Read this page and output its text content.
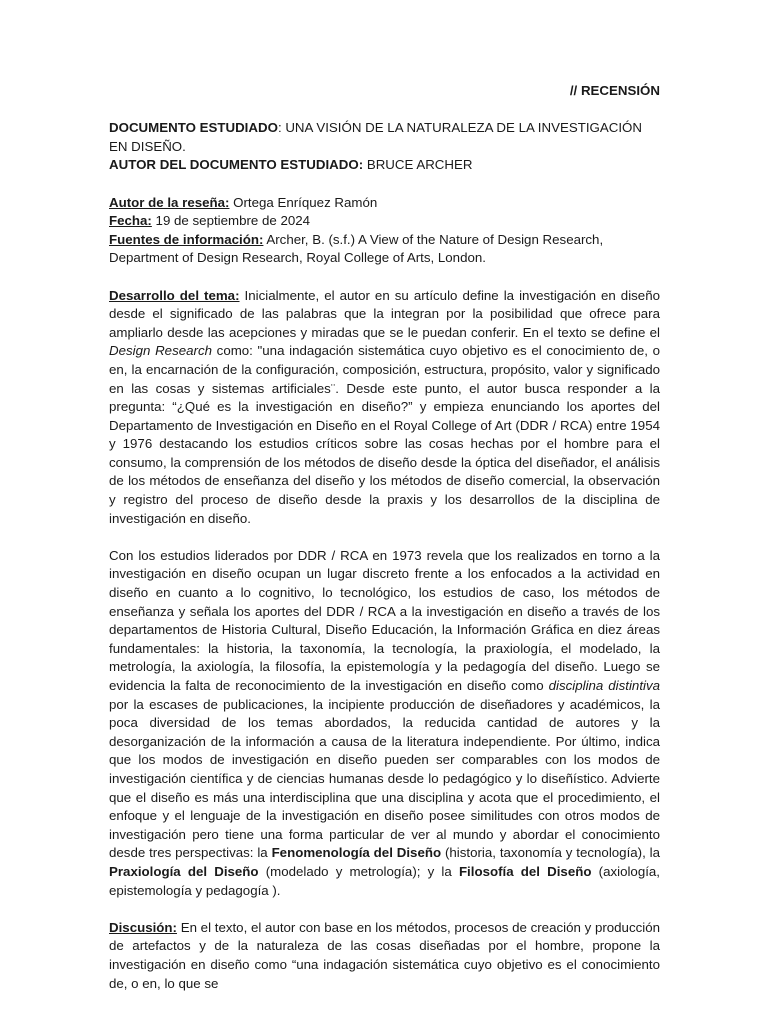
// RECENSIÓN

DOCUMENTO ESTUDIADO: UNA VISIÓN DE LA NATURALEZA DE LA INVESTIGACIÓN EN DISEÑO.

AUTOR DEL DOCUMENTO ESTUDIADO: BRUCE ARCHER

Autor de la reseña: Ortega Enríquez Ramón

Fecha: 19 de septiembre de 2024

Fuentes de información: Archer, B. (s.f.) A View of the Nature of Design Research, Department of Design Research, Royal College of Arts, London.

Desarrollo del tema: Inicialmente, el autor en su artículo define la investigación en diseño desde el significado de las palabras que la integran por la posibilidad que ofrece para ampliarlo desde las acepciones y miradas que se le puedan conferir. En el texto se define el Design Research como: "una indagación sistemática cuyo objetivo es el conocimiento de, o en, la encarnación de la configuración, composición, estructura, propósito, valor y significado en las cosas y sistemas artificiales¨. Desde este punto, el autor busca responder a la pregunta: “¿Qué es la investigación en diseño?” y empieza enunciando los aportes del Departamento de Investigación en Diseño en el Royal College of Art (DDR / RCA) entre 1954 y 1976 destacando los estudios críticos sobre las cosas hechas por el hombre para el consumo, la comprensión de los métodos de diseño desde la óptica del diseñador, el análisis de los métodos de enseñanza del diseño y los métodos de diseño comercial, la observación y registro del proceso de diseño desde la praxis y los desarrollos de la disciplina de investigación en diseño.

Con los estudios liderados por DDR / RCA en 1973 revela que los realizados en torno a la investigación en diseño ocupan un lugar discreto frente a los enfocados a la actividad en diseño en cuanto a lo cognitivo, lo tecnológico, los estudios de caso, los métodos de enseñanza y señala los aportes del DDR / RCA a la investigación en diseño a través de los departamentos de Historia Cultural, Diseño Educación, la Información Gráfica en diez áreas fundamentales: la historia, la taxonomía, la tecnología, la praxiología, el modelado, la metrología, la axiología, la filosofía, la epistemología y la pedagogía del diseño. Luego se evidencia la falta de reconocimiento de la investigación en diseño como disciplina distintiva por la escases de publicaciones, la incipiente producción de diseñadores y académicos, la poca diversidad de los temas abordados, la reducida cantidad de autores y la desorganización de la información a causa de la literatura independiente. Por último, indica que los modos de investigación en diseño pueden ser comparables con los modos de investigación científica y de ciencias humanas desde lo pedagógico y lo diseñístico. Advierte que el diseño es más una interdisciplina que una disciplina y acota que el procedimiento, el enfoque y el lenguaje de la investigación en diseño posee similitudes con otros modos de investigación pero tiene una forma particular de ver al mundo y abordar el conocimiento desde tres perspectivas: la Fenomenología del Diseño (historia, taxonomía y tecnología), la Praxiología del Diseño (modelado y metrología); y la Filosofía del Diseño (axiología, epistemología y pedagogía ).

Discusión: En el texto, el autor con base en los métodos, procesos de creación y producción de artefactos y de la naturaleza de las cosas diseñadas por el hombre, propone la investigación en diseño como “una indagación sistemática cuyo objetivo es el conocimiento de, o en, lo que se
